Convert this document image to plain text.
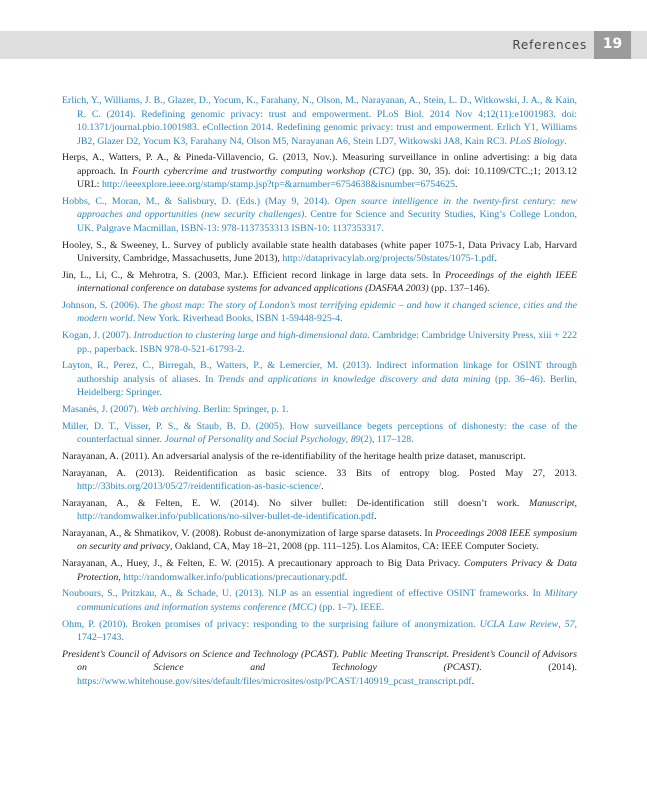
References	19

Erlich, Y., Williams, J. B., Glazer, D., Yocum, K., Farahany, N., Olson, M., Narayanan, A., Stein, L. D., Witkowski, J. A., & Kain, R. C. (2014). Redefining genomic privacy: trust and empowerment. PLoS Biol. 2014 Nov 4;12(11):e1001983. doi: 10.1371/journal.pbio.1001983. eCollection 2014. Redefining genomic privacy: trust and empowerment. Erlich Y1, Williams JB2, Glazer D2, Yocum K3, Farahany N4, Olson M5, Narayanan A6, Stein LD7, Witkowski JA8, Kain RC3. PLoS Biology.

Herps, A., Watters, P. A., & Pineda-Villavencio, G. (2013, Nov.). Measuring surveillance in online advertising: a big data approach. In Fourth cybercrime and trustworthy computing workshop (CTC) (pp. 30, 35). doi: 10.1109/CTC.;1; 2013.12 URL: http://ieeexplore.ieee.org/stamp/stamp.jsp?tp=&arnumber=6754638&isnumber=6754625.

Hobbs, C., Moran, M., & Salisbury, D. (Eds.) (May 9, 2014). Open source intelligence in the twenty-first century: new approaches and opportunities (new security challenges). Centre for Science and Security Studies, King’s College London, UK. Palgrave Macmillan, ISBN-13: 978-1137353313 ISBN-10: 1137353317.

Hooley, S., & Sweeney, L. Survey of publicly available state health databases (white paper 1075-1, Data Privacy Lab, Harvard University, Cambridge, Massachusetts, June 2013), http://dataprivacylab.org/projects/50states/1075-1.pdf.

Jin, L., Li, C., & Mehrotra, S. (2003, Mar.). Efficient record linkage in large data sets. In Proceedings of the eighth IEEE international conference on database systems for advanced applications (DASFAA 2003) (pp. 137–146).

Johnson, S. (2006). The ghost map: The story of London’s most terrifying epidemic – and how it changed science, cities and the modern world. New York. Riverhead Books, ISBN 1-59448-925-4.

Kogan, J. (2007). Introduction to clustering large and high-dimensional data. Cambridge: Cambridge University Press, xiii + 222 pp., paperback. ISBN 978-0-521-61793-2.

Layton, R., Perez, C., Birregah, B., Watters, P., & Lemercier, M. (2013). Indirect information linkage for OSINT through authorship analysis of aliases. In Trends and applications in knowledge discovery and data mining (pp. 36–46). Berlin, Heidelberg: Springer.

Masanès, J. (2007). Web archiving. Berlin: Springer, p. 1.

Miller, D. T., Visser, P. S., & Staub, B. D. (2005). How surveillance begets perceptions of dishonesty: the case of the counterfactual sinner. Journal of Personality and Social Psychology, 89(2), 117–128.

Narayanan, A. (2011). An adversarial analysis of the re-identifiability of the heritage health prize dataset, manuscript.

Narayanan, A. (2013). Reidentification as basic science. 33 Bits of entropy blog. Posted May 27, 2013. http://33bits.org/2013/05/27/reidentification-as-basic-science/.

Narayanan, A., & Felten, E. W. (2014). No silver bullet: De-identification still doesn’t work. Manuscript, http://randomwalker.info/publications/no-silver-bullet-de-identification.pdf.

Narayanan, A., & Shmatikov, V. (2008). Robust de-anonymization of large sparse datasets. In Proceedings 2008 IEEE symposium on security and privacy, Oakland, CA, May 18–21, 2008 (pp. 111–125). Los Alamitos, CA: IEEE Computer Society.

Narayanan, A., Huey, J., & Felten, E. W. (2015). A precautionary approach to Big Data Privacy. Computers Privacy & Data Protection, http://randomwalker.info/publications/precautionary.pdf.

Noubours, S., Pritzkau, A., & Schade, U. (2013). NLP as an essential ingredient of effective OSINT frameworks. In Military communications and information systems conference (MCC) (pp. 1–7). IEEE.

Ohm, P. (2010). Broken promises of privacy: responding to the surprising failure of anonymization. UCLA Law Review, 57, 1742–1743.

President’s Council of Advisors on Science and Technology (PCAST). Public Meeting Transcript. President’s Council of Advisors on Science and Technology (PCAST). (2014). https://www.whitehouse.gov/sites/default/files/microsites/ostp/PCAST/140919_pcast_transcript.pdf.
